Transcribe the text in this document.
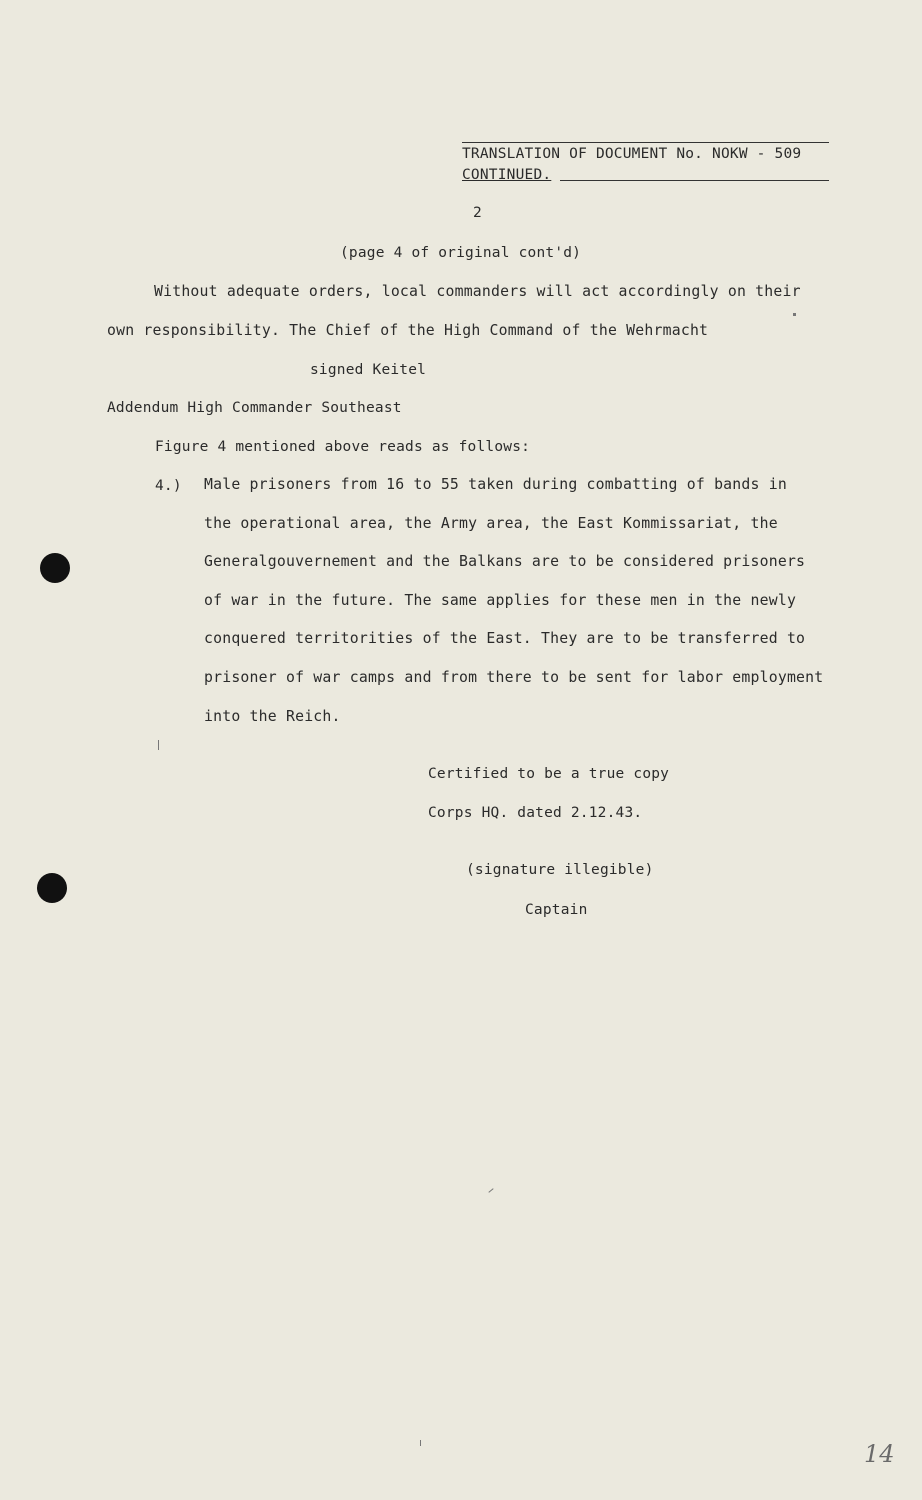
TRANSLATION OF DOCUMENT No. NOKW - 509
CONTINUED.
2
(page 4 of original cont'd)
Without adequate orders, local commanders will act accordingly on their
own responsibility. The Chief of the High Command of the Wehrmacht
signed Keitel
Addendum High Commander Southeast
Figure 4 mentioned above reads as follows:
4.) Male prisoners from 16 to 55 taken during combatting of bands in
the operational area, the Army area, the East Kommissariat, the
Generalgouvernement and the Balkans are to be considered prisoners
of war in the future. The same applies for these men in the newly
conquered territorities of the East. They are to be transferred to
prisoner of war camps and from there to be sent for labor employment
into the Reich.
Certified to be a true copy
Corps HQ. dated 2.12.43.
(signature illegible)
Captain
14
